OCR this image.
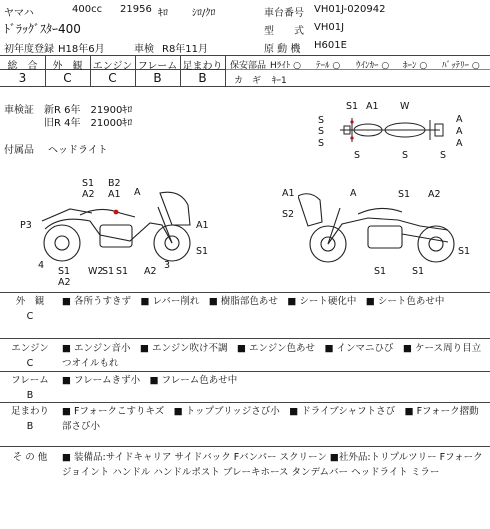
ヤマハ	400cc 21956 ｷﾛ ｼﾛ/ｸﾛ	車台番号 VH01J-020942
ﾄﾞﾗｯｸﾞｽﾀｰ400	型　　式 VH01J
初年度登録 H18年6月	車検 R8年11月	原 動 機 H601E
総　合	外　観	エンジン フレーム 足まわり
3	C	C	B	B
保安部品 Hﾗｲﾄ ○ ﾃｰﾙ ○ ｳｲﾝｶｰ ○ ﾎｰﾝ ○ ﾊﾞｯﾃﾘｰ ○
カ　ギ ｷｰ1
車検証 新R 6年　21900ｷﾛ
旧R 4年　21000ｷﾛ
付属品 ヘッドライト
S1 A1 W
S
S
S
S
A
A
A
S	S
S1
A2
B2
A1 A
P3	A1
S1
4
S1
A2
W2
S1 S1 A2
3
A1
S2
A	S1 A2
S1
S1	S1
外　観
C
■ 各所うすきず　■ レバー削れ　■ 樹脂部色あせ　■ シート硬化中　■ シート色あせ中
エンジン
C
■ エンジン音小　■ エンジン吹け不調　■ エンジン色あせ　■ インマニひび　■ ケース周り目立つオイルもれ
フレーム
B
■ フレームきず小　■ フレーム色あせ中
足まわり
B
■ Fフォークこすりキズ　■ トップブリッジさび小　■ ドライブシャフトさび　■ Fフォーク摺動部さび小
そ の 他	■ 装備品:サイドキャリア サイドバック Fバンパー スクリーン ■社外品:トリプルツリー Fフォークジョイント ハンドル ハンドルポスト ブレーキホース タンデムバー ヘッドライト ミラー
